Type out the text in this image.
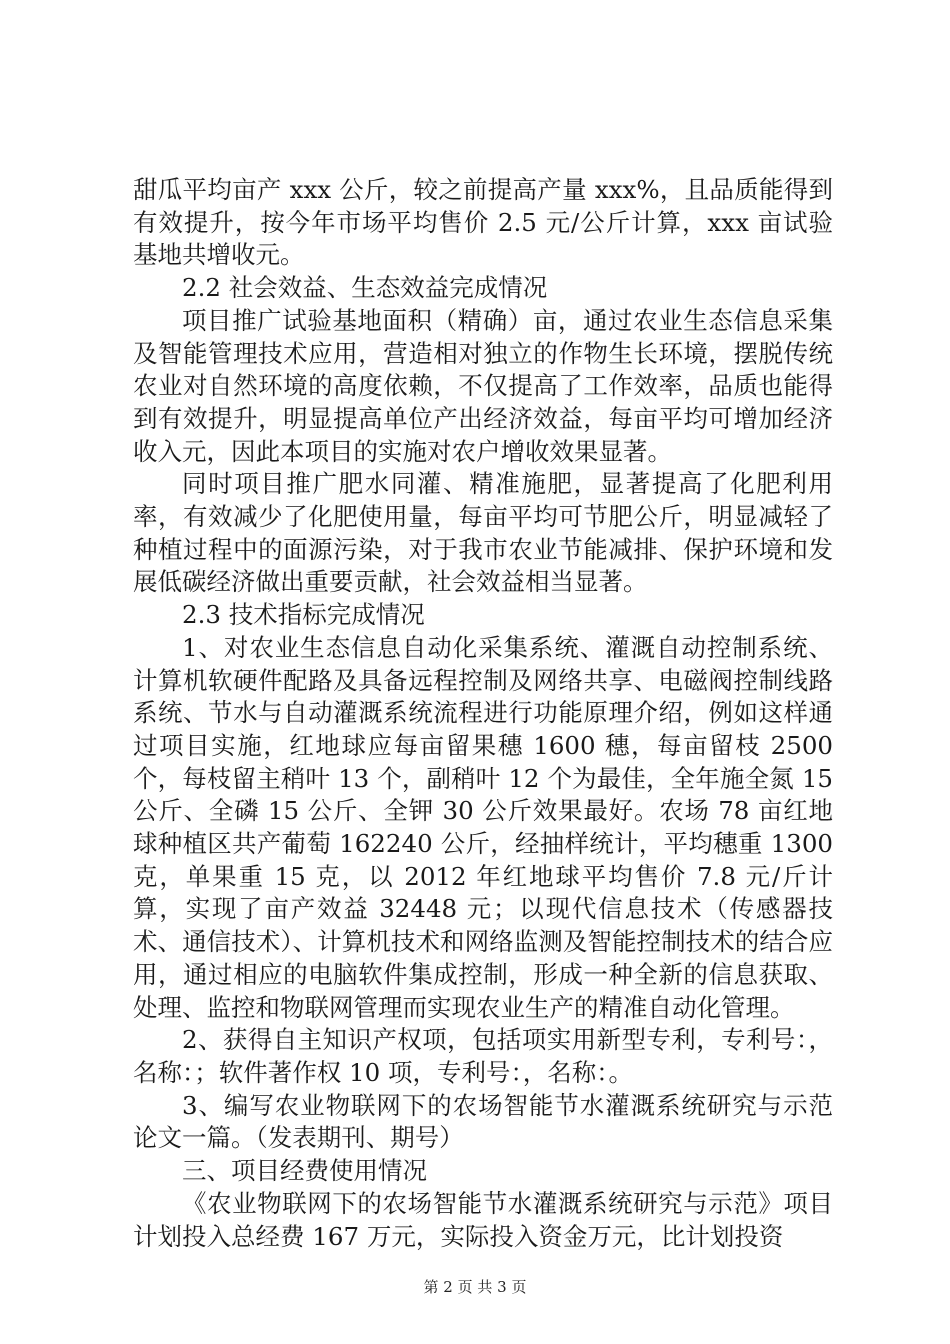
甜瓜平均亩产 xxx 公斤，较之前提高产量 xxx%，且品质能得到有效提升，按今年市场平均售价 2.5 元/公斤计算，xxx 亩试验基地共增收元。

2.2 社会效益、生态效益完成情况

项目推广试验基地面积（精确）亩，通过农业生态信息采集及智能管理技术应用，营造相对独立的作物生长环境，摆脱传统农业对自然环境的高度依赖，不仅提高了工作效率，品质也能得到有效提升，明显提高单位产出经济效益，每亩平均可增加经济收入元，因此本项目的实施对农户增收效果显著。

同时项目推广肥水同灌、精准施肥，显著提高了化肥利用率，有效减少了化肥使用量，每亩平均可节肥公斤，明显减轻了种植过程中的面源污染，对于我市农业节能减排、保护环境和发展低碳经济做出重要贡献，社会效益相当显著。

2.3 技术指标完成情况

1、对农业生态信息自动化采集系统、灌溉自动控制系统、计算机软硬件配路及具备远程控制及网络共享、电磁阀控制线路系统、节水与自动灌溉系统流程进行功能原理介绍，例如这样通过项目实施，红地球应每亩留果穗 1600 穗，每亩留枝 2500 个，每枝留主稍叶 13 个，副稍叶 12 个为最佳，全年施全氮 15 公斤、全磷 15 公斤、全钾 30 公斤效果最好。农场 78 亩红地球种植区共产葡萄 162240 公斤，经抽样统计，平均穗重 1300 克，单果重 15 克，以 2012 年红地球平均售价 7.8 元/斤计算，实现了亩产效益 32448 元；以现代信息技术（传感器技术、通信技术）、计算机技术和网络监测及智能控制技术的结合应用，通过相应的电脑软件集成控制，形成一种全新的信息获取、处理、监控和物联网管理而实现农业生产的精准自动化管理。

2、获得自主知识产权项，包括项实用新型专利，专利号：，名称：；软件著作权 10 项，专利号：，名称：。

3、编写农业物联网下的农场智能节水灌溉系统研究与示范论文一篇。（发表期刊、期号）

三、项目经费使用情况

《农业物联网下的农场智能节水灌溉系统研究与示范》项目计划投入总经费 167 万元，实际投入资金万元，比计划投资

第 2 页 共 3 页
